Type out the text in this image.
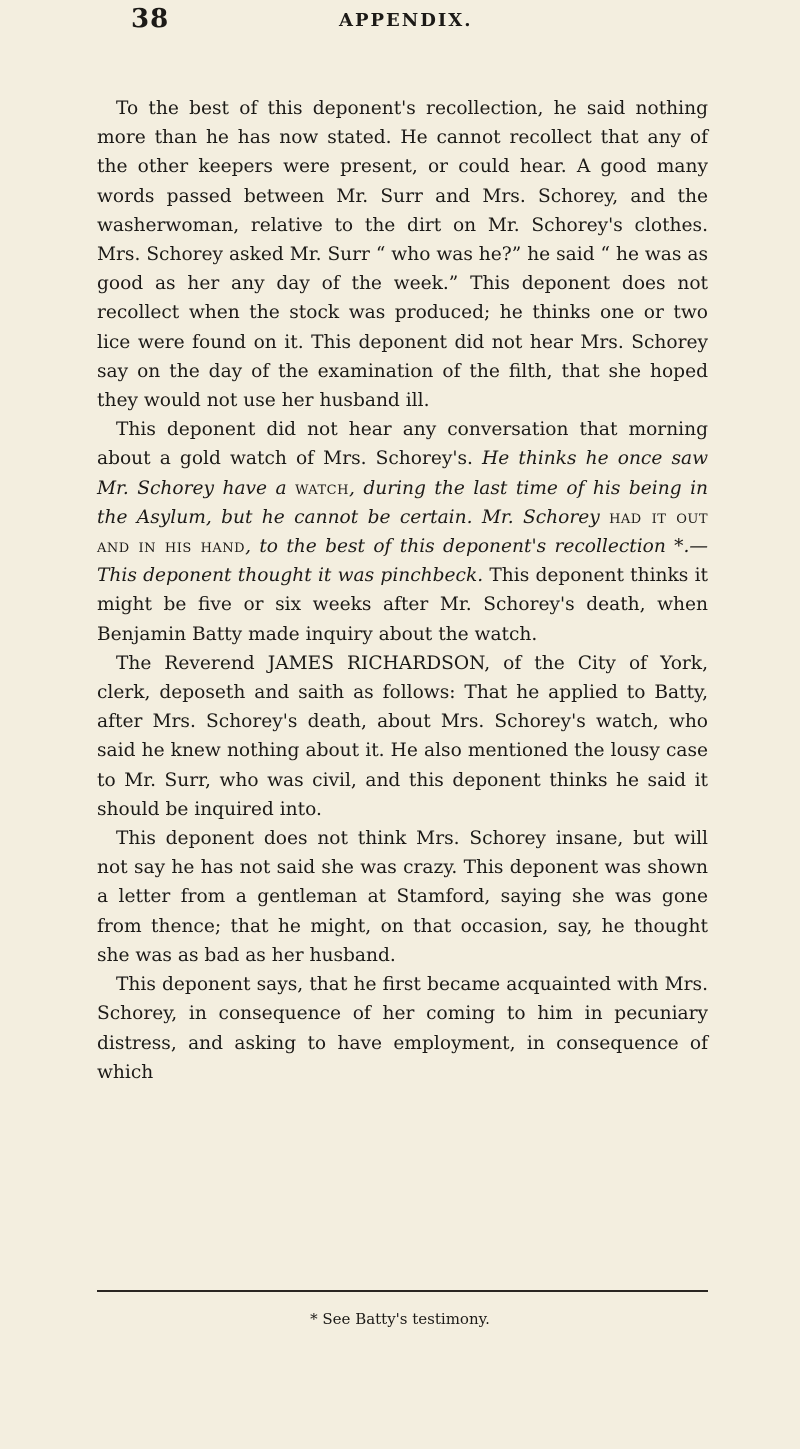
38	APPENDIX.

To the best of this deponent's recollection, he said nothing more than he has now stated. He cannot recollect that any of the other keepers were present, or could hear. A good many words passed between Mr. Surr and Mrs. Schorey, and the washerwoman, relative to the dirt on Mr. Schorey's clothes. Mrs. Schorey asked Mr. Surr “ who was he?” he said “ he was as good as her any day of the week.” This deponent does not recollect when the stock was produced; he thinks one or two lice were found on it. This deponent did not hear Mrs. Schorey say on the day of the examination of the filth, that she hoped they would not use her husband ill.

This deponent did not hear any conversation that morning about a gold watch of Mrs. Schorey's. He thinks he once saw Mr. Schorey have a watch, during the last time of his being in the Asylum, but he cannot be certain. Mr. Schorey had it out and in his hand, to the best of this deponent's recollection *.— This deponent thought it was pinchbeck. This deponent thinks it might be five or six weeks after Mr. Schorey's death, when Benjamin Batty made inquiry about the watch.

The Reverend JAMES RICHARDSON, of the City of York, clerk, deposeth and saith as follows: That he applied to Batty, after Mrs. Schorey's death, about Mrs. Schorey's watch, who said he knew nothing about it. He also mentioned the lousy case to Mr. Surr, who was civil, and this deponent thinks he said it should be inquired into.

This deponent does not think Mrs. Schorey insane, but will not say he has not said she was crazy. This deponent was shown a letter from a gentleman at Stamford, saying she was gone from thence; that he might, on that occasion, say, he thought she was as bad as her husband.

This deponent says, that he first became acquainted with Mrs. Schorey, in consequence of her coming to him in pecuniary distress, and asking to have employment, in consequence of which

* See Batty's testimony.
